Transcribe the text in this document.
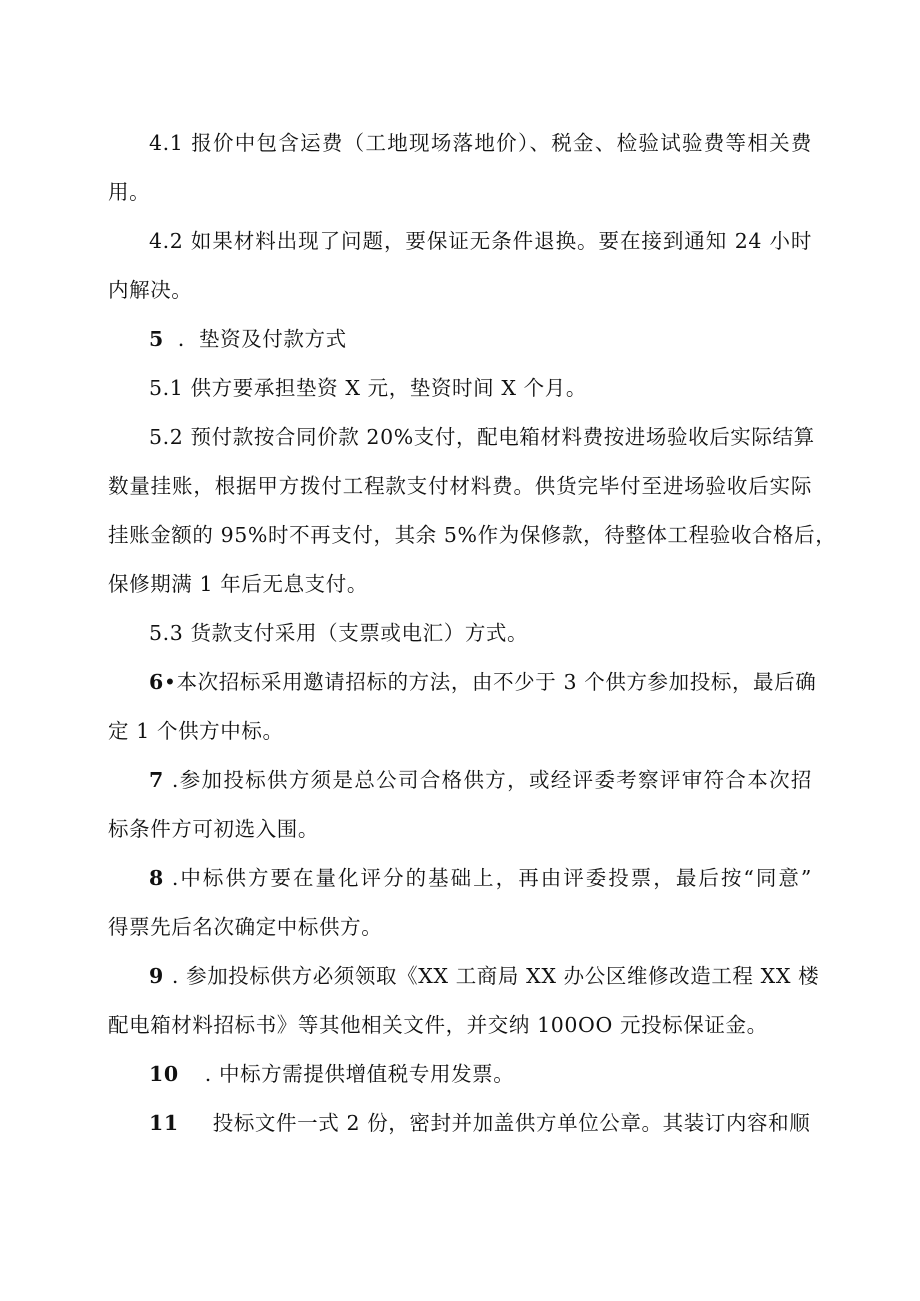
4.1 报价中包含运费（工地现场落地价）、税金、检验试验费等相关费
用。
4.2 如果材料出现了问题，要保证无条件退换。要在接到通知 24 小时
内解决。
5 ．垫资及付款方式
5.1 供方要承担垫资 X 元，垫资时间 X 个月。
5.2 预付款按合同价款 20%支付，配电箱材料费按进场验收后实际结算
数量挂账，根据甲方拨付工程款支付材料费。供货完毕付至进场验收后实际
挂账金额的 95%时不再支付，其余 5%作为保修款，待整体工程验收合格后，
保修期满 1 年后无息支付。
5.3 货款支付采用（支票或电汇）方式。
6•本次招标采用邀请招标的方法，由不少于 3 个供方参加投标，最后确
定 1 个供方中标。
7 .参加投标供方须是总公司合格供方，或经评委考察评审符合本次招
标条件方可初选入围。
8 .中标供方要在量化评分的基础上，再由评委投票，最后按“同意”
得票先后名次确定中标供方。
9 . 参加投标供方必须领取《XX 工商局 XX 办公区维修改造工程 XX 楼
配电箱材料招标书》等其他相关文件，并交纳 100OO 元投标保证金。
10 . 中标方需提供增值税专用发票。
11 投标文件一式 2 份，密封并加盖供方单位公章。其装订内容和顺
